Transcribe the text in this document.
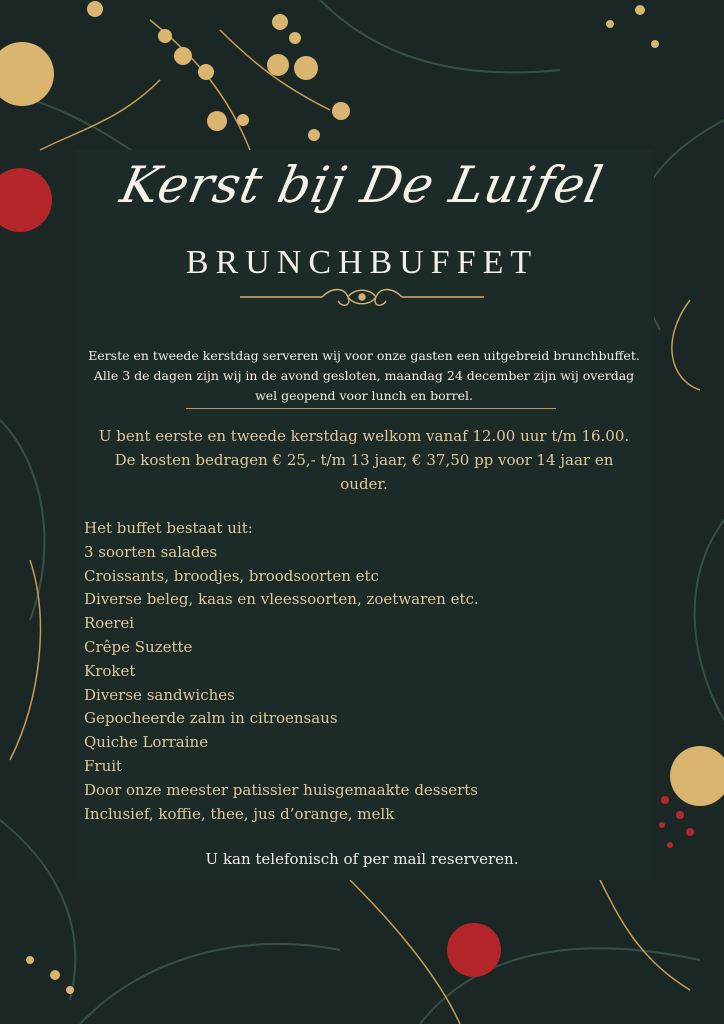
Kerst bij De Luifel
BRUNCHBUFFET
Eerste en tweede kerstdag serveren wij voor onze gasten een uitgebreid brunchbuffet.
Alle 3 de dagen zijn wij in de avond gesloten, maandag 24 december zijn wij overdag
wel geopend voor lunch en borrel.
U bent eerste en tweede kerstdag welkom vanaf 12.00 uur t/m 16.00.
De kosten bedragen € 25,- t/m 13 jaar, € 37,50 pp voor 14 jaar en
ouder.
Het buffet bestaat uit:
3 soorten salades
Croissants, broodjes, broodsoorten etc
Diverse beleg, kaas en vleessoorten, zoetwaren etc.
Roerei
Crêpe Suzette
Kroket
Diverse sandwiches
Gepocheerde zalm in citroensaus
Quiche Lorraine
Fruit
Door onze meester patissier huisgemaakte desserts
Inclusief, koffie, thee, jus d’orange, melk
U kan telefonisch of per mail reserveren.
